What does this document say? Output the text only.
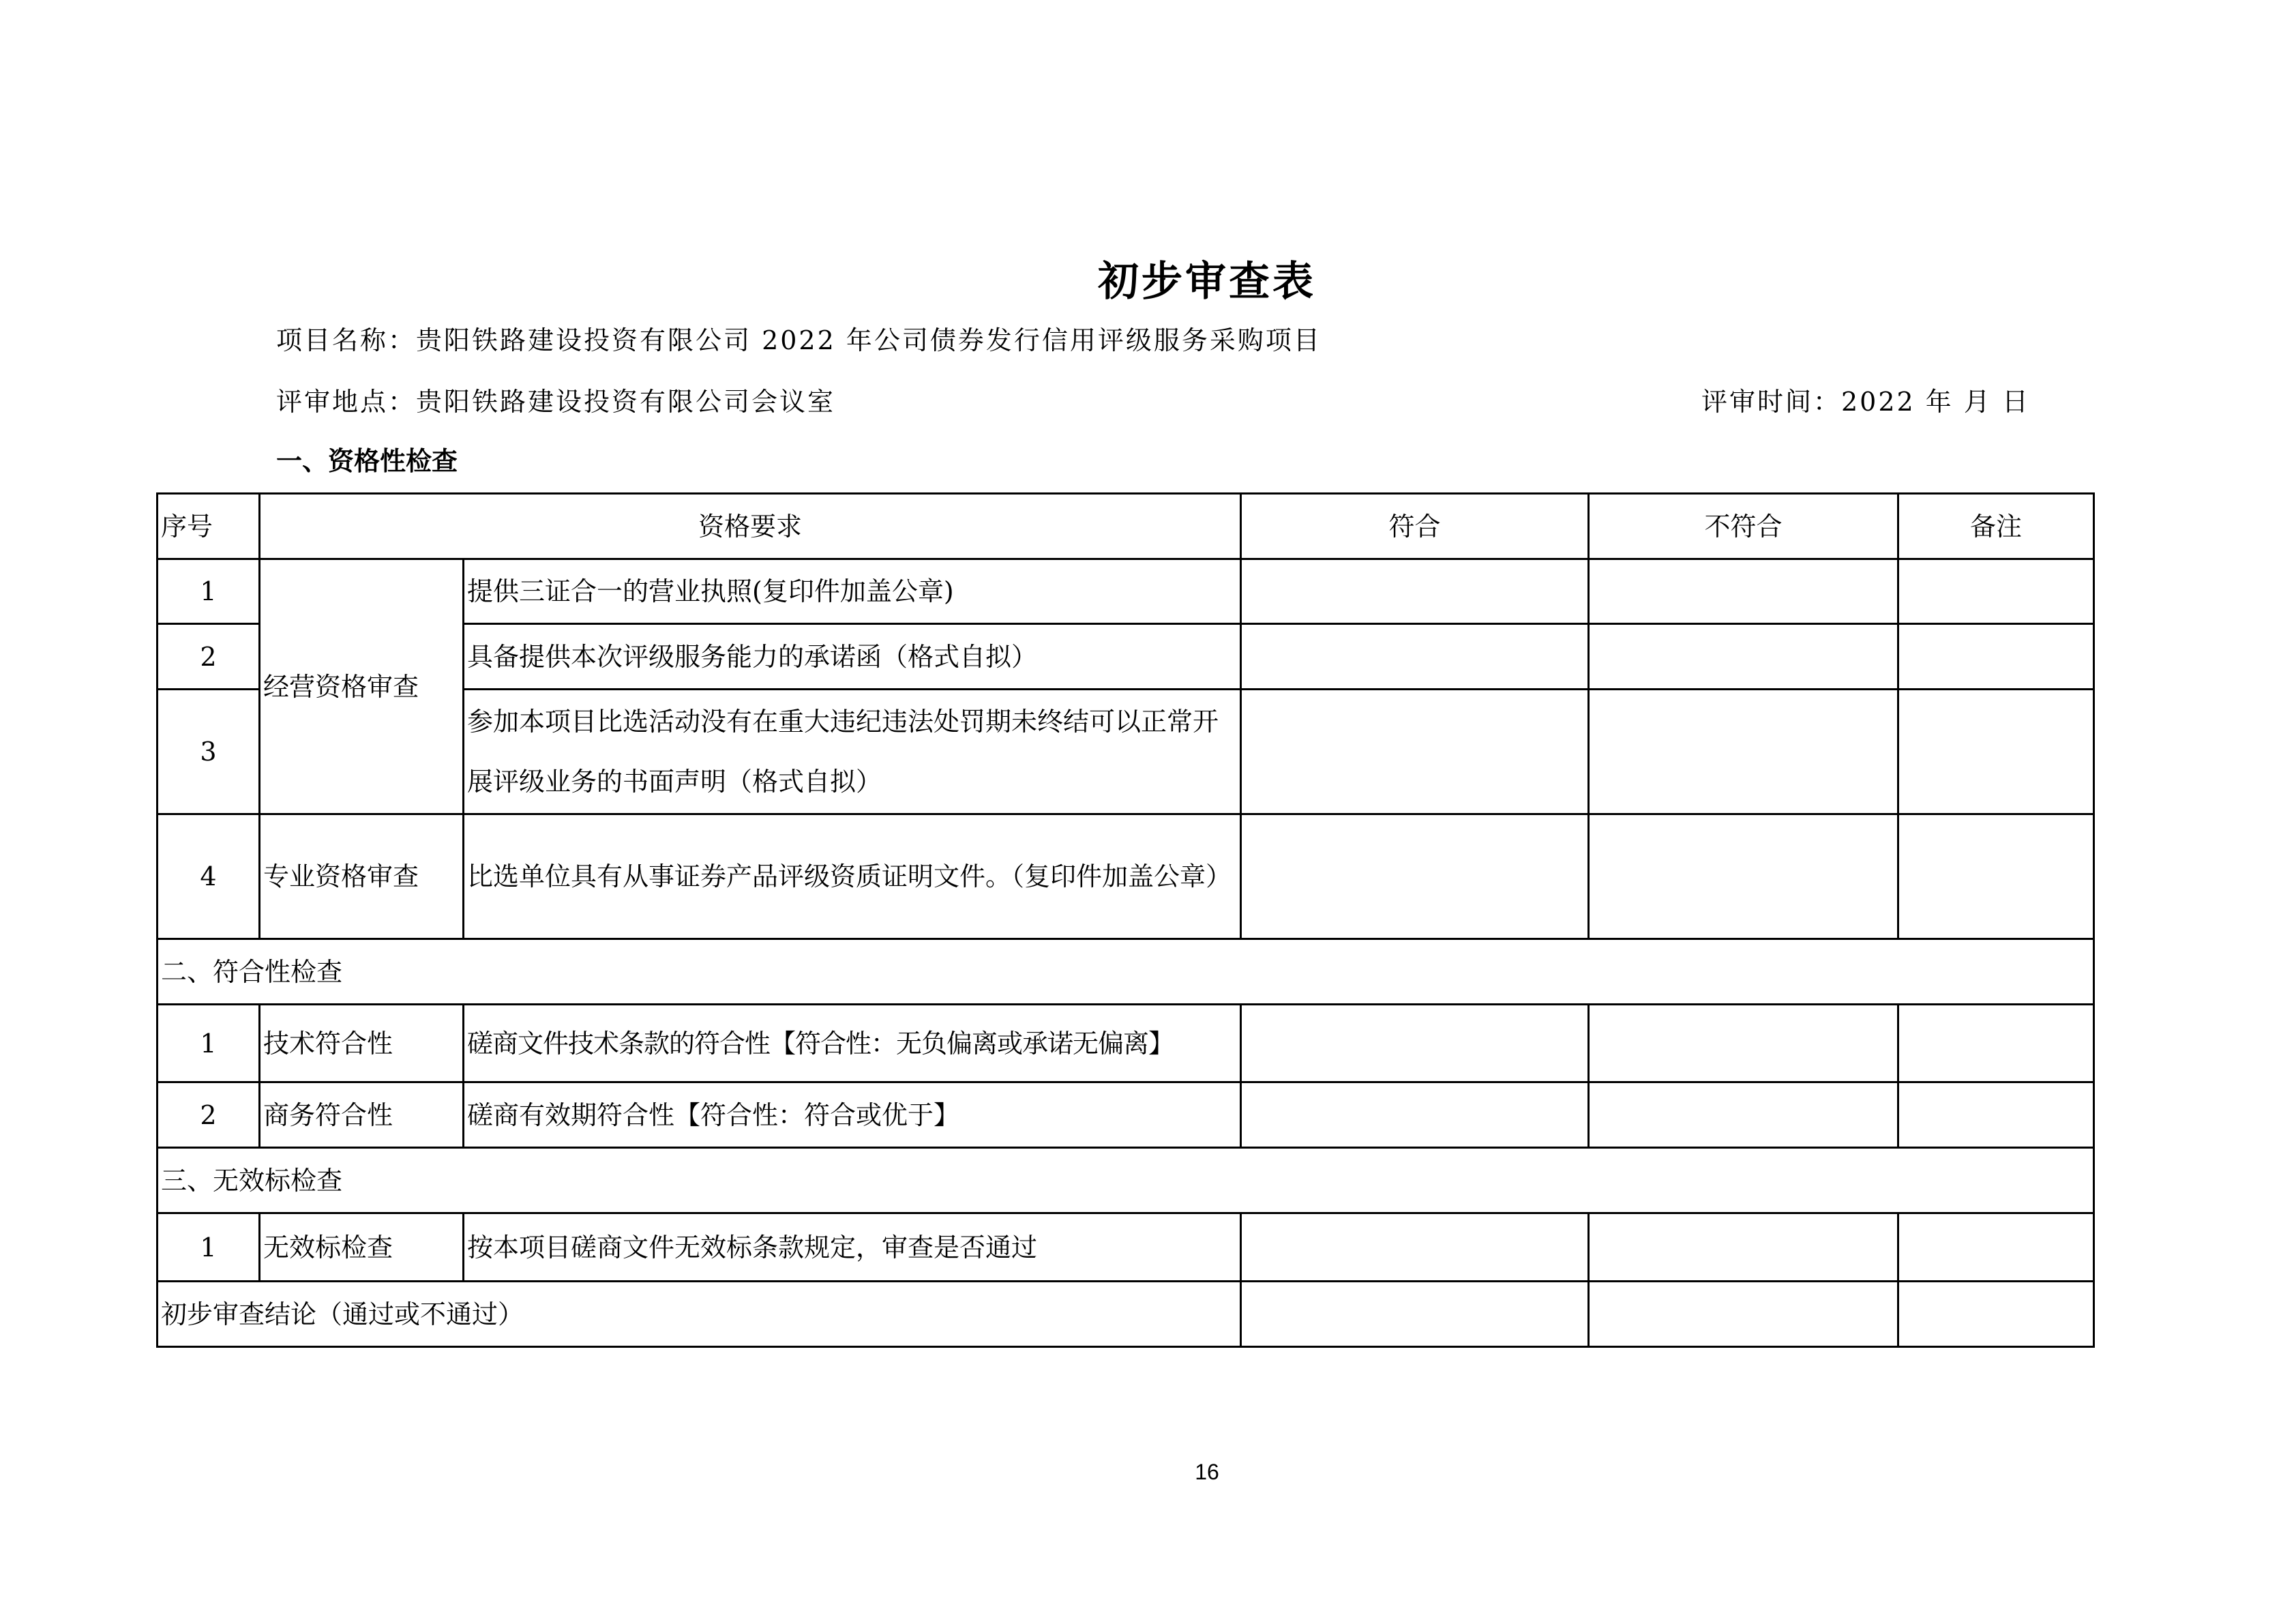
初步审查表
项目名称：贵阳铁路建设投资有限公司 2022 年公司债券发行信用评级服务采购项目
评审地点：贵阳铁路建设投资有限公司会议室	评审时间：2022 年 月 日
一、资格性检查
序号	资格要求		符合	不符合	备注
1	经营资格审查	提供三证合一的营业执照(复印件加盖公章)			
2		具备提供本次评级服务能力的承诺函（格式自拟）			
3		参加本项目比选活动没有在重大违纪违法处罚期未终结可以正常开展评级业务的书面声明（格式自拟）			
4	专业资格审查	比选单位具有从事证券产品评级资质证明文件。（复印件加盖公章）			
二、符合性检查					
1	技术符合性	磋商文件技术条款的符合性【符合性：无负偏离或承诺无偏离】			
2	商务符合性	磋商有效期符合性【符合性：符合或优于】			
三、无效标检查					
1	无效标检查	按本项目磋商文件无效标条款规定，审查是否通过			
初步审查结论（通过或不通过）					
16
